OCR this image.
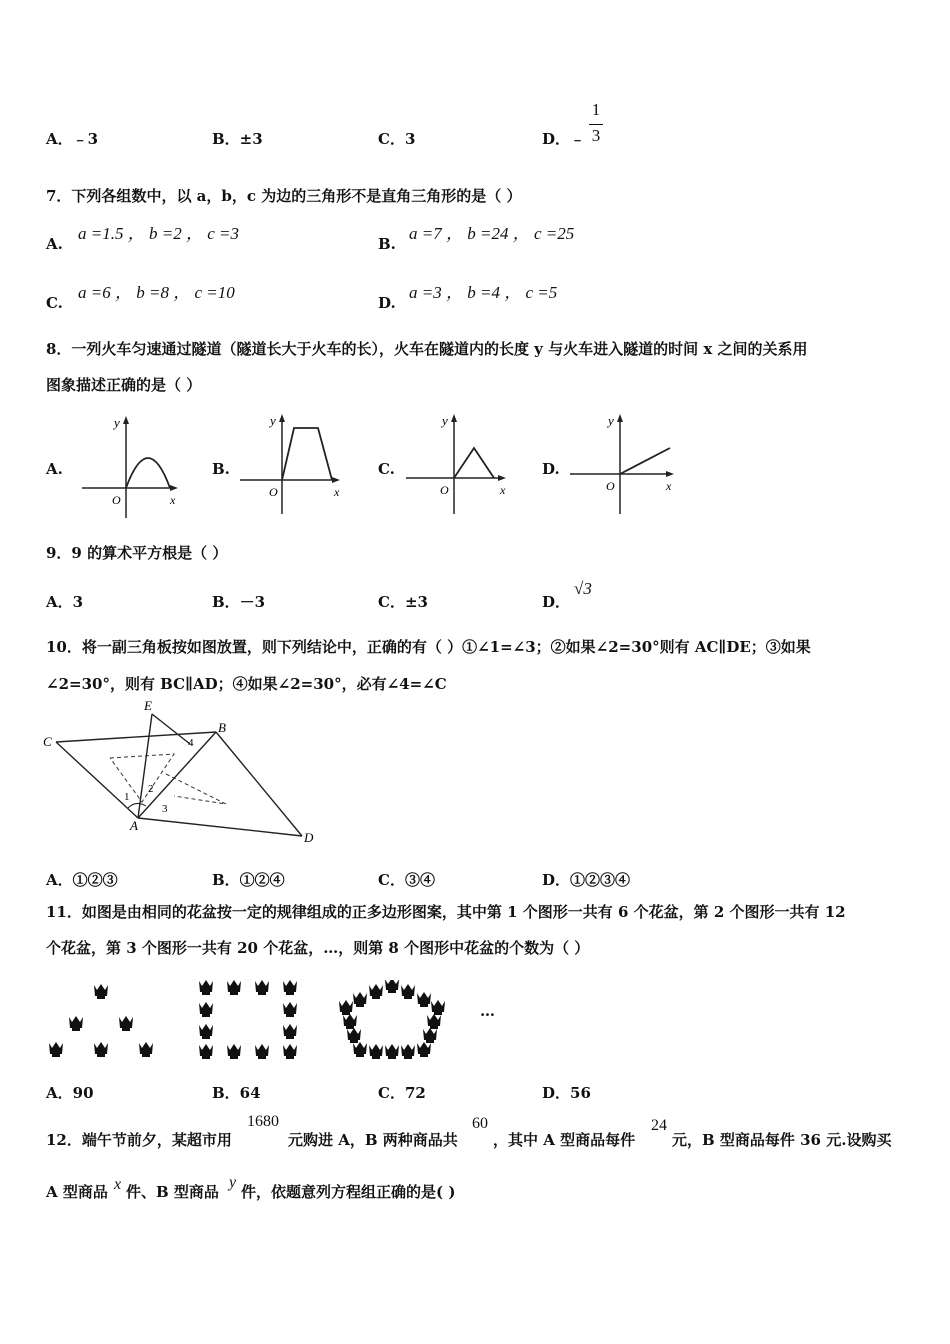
A．﹣3	B．±3	C．3	D．﹣
1
3
7．下列各组数中，以 a，b，c 为边的三角形不是直角三角形的是（ ）
A.
a =1.5 ， b =2 ， c =3
B.
a =7 ， b =24 ， c =25
C.
a =6 ， b =8 ， c =10
D.
a =3 ， b =4 ， c =5
8．一列火车匀速通过隧道（隧道长大于火车的长），火车在隧道内的长度 y 与火车进入隧道的时间 x 之间的关系用
图象描述正确的是（ ）
A.	B.	C.	D.
y
x
O
y
x
O
y
x
O
y
x
O
9．9 的算术平方根是（ ）
A．3	B．－3	C．±3	D．
√3
10．将一副三角板按如图放置，则下列结论中，正确的有（ ）①∠1=∠3；②如果∠2=30°则有 AC∥DE；③如果
∠2=30°，则有 BC∥AD；④如果∠2=30°，必有∠4=∠C
E
B
C
A
D
1
2
3
4
A．①②③	B．①②④	C．③④	D．①②③④
11．如图是由相同的花盆按一定的规律组成的正多边形图案，其中第 1 个图形一共有 6 个花盆，第 2 个图形一共有 12
个花盆，第 3 个图形一共有 20 个花盆，…，则第 8 个图形中花盆的个数为（ ）
…
A．90	B．64	C．72	D．56
12．端午节前夕，某超市用
1680
元购进 A，B 两种商品共
60
，其中 A 型商品每件
24
元，B 型商品每件 36 元.设购买
A 型商品 x 件、B 型商品
y
件，依题意列方程组正确的是( )
